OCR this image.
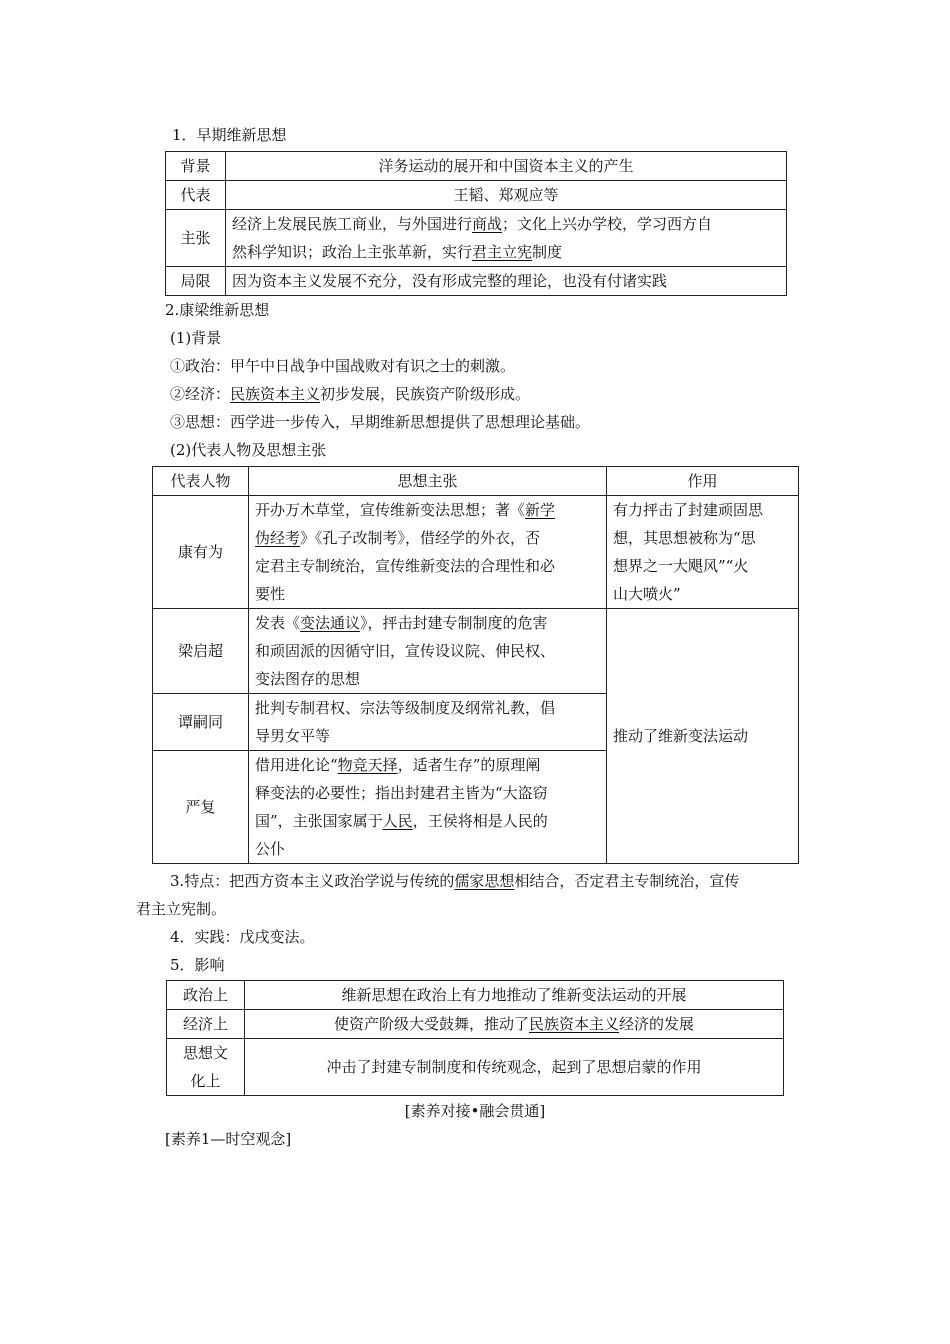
1．早期维新思想
背景	洋务运动的展开和中国资本主义的产生
代表	王韬、郑观应等
主张	经济上发展民族工商业，与外国进行商战；文化上兴办学校，学习西方自
然科学知识；政治上主张革新，实行君主立宪制度
局限	因为资本主义发展不充分，没有形成完整的理论，也没有付诸实践
2.康梁维新思想
(1)背景
①政治：甲午中日战争中国战败对有识之士的刺激。
②经济：民族资本主义初步发展，民族资产阶级形成。
③思想：西学进一步传入，早期维新思想提供了思想理论基础。
(2)代表人物及思想主张
代表人物	思想主张	作用
康有为	开办万木草堂，宣传维新变法思想；著《新学
伪经考》《孔子改制考》，借经学的外衣，否
定君主专制统治，宣传维新变法的合理性和必
要性	有力抨击了封建顽固思
想，其思想被称为“思
想界之一大飓风”“火
山大喷火”
梁启超	发表《变法通议》，抨击封建专制制度的危害
和顽固派的因循守旧，宣传设议院、伸民权、
变法图存的思想	推动了维新变法运动
谭嗣同	批判专制君权、宗法等级制度及纲常礼教，倡
导男女平等	
严复	借用进化论“物竞天择，适者生存”的原理阐
释变法的必要性；指出封建君主皆为“大盗窃
国”，主张国家属于人民，王侯将相是人民的
公仆	
3.特点：把西方资本主义政治学说与传统的儒家思想相结合，否定君主专制统治，宣传
君主立宪制。
4．实践：戊戌变法。
5．影响
政治上	维新思想在政治上有力地推动了维新变法运动的开展
经济上	使资产阶级大受鼓舞，推动了民族资本主义经济的发展
思想文
化上	冲击了封建专制制度和传统观念，起到了思想启蒙的作用
[素养对接•融会贯通]
[素养1—时空观念]
